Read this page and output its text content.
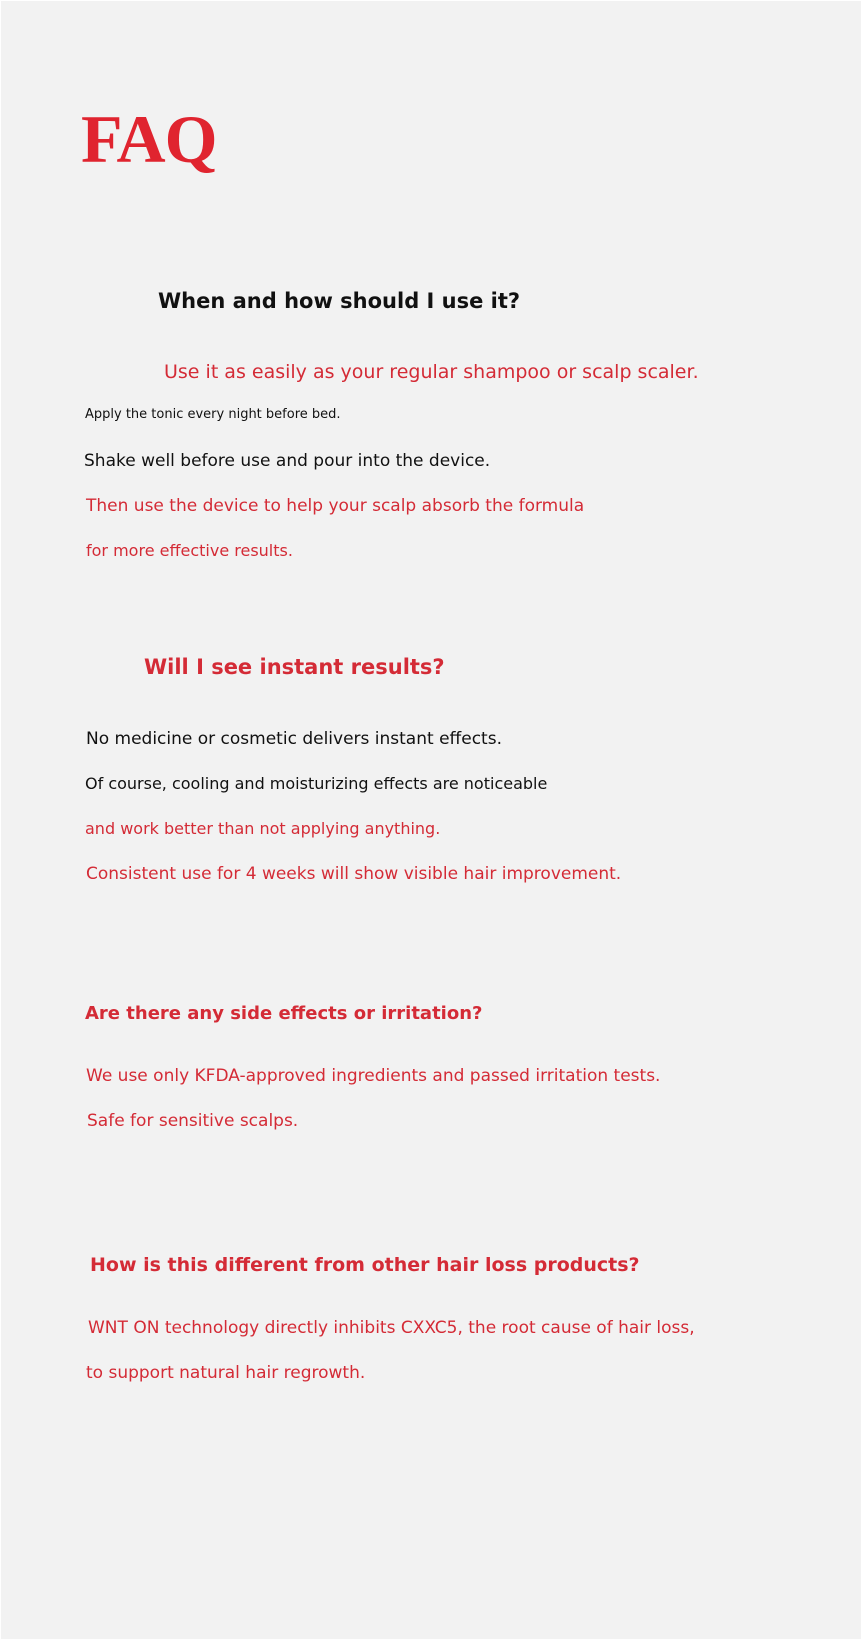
FAQ
When and how should I use it?

Use it as easily as your regular shampoo or scalp scaler.

Apply the tonic every night before bed.

Shake well before use and pour into the device.

Then use the device to help your scalp absorb the formula

for more effective results.

Will I see instant results?

No medicine or cosmetic delivers instant effects.

Of course, cooling and moisturizing effects are noticeable

and work better than not applying anything.

Consistent use for 4 weeks will show visible hair improvement.

Are there any side effects or irritation?

We use only KFDA-approved ingredients and passed irritation tests.

Safe for sensitive scalps.

How is this different from other hair loss products?

WNT ON technology directly inhibits CXXC5, the root cause of hair loss,

to support natural hair regrowth.
